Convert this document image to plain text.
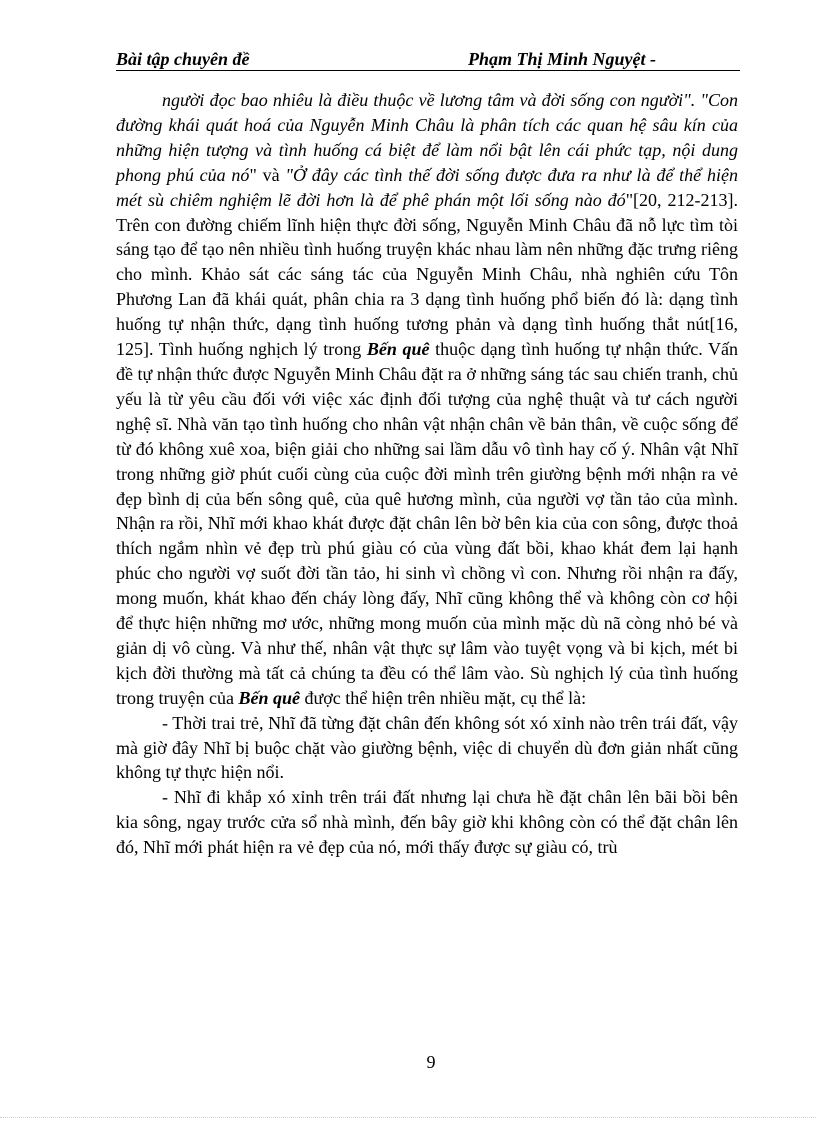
Bài tập chuyên đề	Phạm Thị Minh Nguyệt -

người đọc bao nhiêu là điều thuộc về lương tâm và đời sống con người". "Con đường khái quát hoá của Nguyễn Minh Châu là phân tích các quan hệ sâu kín của những hiện tượng và tình huống cá biệt để làm nổi bật lên cái phức tạp, nội dung phong phú của nó" và "Ở đây các tình thế đời sống được đưa ra như là để thể hiện mét sù chiêm nghiệm lẽ đời hơn là để phê phán một lối sống nào đó"[20, 212-213]. Trên con đường chiếm lĩnh hiện thực đời sống, Nguyễn Minh Châu đã nỗ lực tìm tòi sáng tạo để tạo nên nhiều tình huống truyện khác nhau làm nên những đặc trưng riêng cho mình. Khảo sát các sáng tác của Nguyễn Minh Châu, nhà nghiên cứu Tôn Phương Lan đã khái quát, phân chia ra 3 dạng tình huống phổ biến đó là: dạng tình huống tự nhận thức, dạng tình huống tương phản và dạng tình huống thắt nút[16, 125]. Tình huống nghịch lý trong Bến quê thuộc dạng tình huống tự nhận thức. Vấn đề tự nhận thức được Nguyễn Minh Châu đặt ra ở những sáng tác sau chiến tranh, chủ yếu là từ yêu cầu đối với việc xác định đối tượng của nghệ thuật và tư cách người nghệ sĩ. Nhà văn tạo tình huống cho nhân vật nhận chân về bản thân, về cuộc sống để từ đó không xuê xoa, biện giải cho những sai lầm dẫu vô tình hay cố ý. Nhân vật Nhĩ trong những giờ phút cuối cùng của cuộc đời mình trên giường bệnh mới nhận ra vẻ đẹp bình dị của bến sông quê, của quê hương mình, của người vợ tần tảo của mình. Nhận ra rồi, Nhĩ mới khao khát được đặt chân lên bờ bên kia của con sông, được thoả thích ngắm nhìn vẻ đẹp trù phú giàu có của vùng đất bồi, khao khát đem lại hạnh phúc cho người vợ suốt đời tần tảo, hi sinh vì chồng vì con. Nhưng rồi nhận ra đấy, mong muốn, khát khao đến cháy lòng đấy, Nhĩ cũng không thể và không còn cơ hội để thực hiện những mơ ước, những mong muốn của mình mặc dù nã còng nhỏ bé và giản dị vô cùng. Và như thế, nhân vật thực sự lâm vào tuyệt vọng và bi kịch, mét bi kịch đời thường mà tất cả chúng ta đều có thể lâm vào. Sù nghịch lý của tình huống trong truyện của Bến quê được thể hiện trên nhiều mặt, cụ thể là:

- Thời trai trẻ, Nhĩ đã từng đặt chân đến không sót xó xỉnh nào trên trái đất, vậy mà giờ đây Nhĩ bị buộc chặt vào giường bệnh, việc di chuyển dù đơn giản nhất cũng không tự thực hiện nổi.

- Nhĩ đi khắp xó xỉnh trên trái đất nhưng lại chưa hề đặt chân lên bãi bồi bên kia sông, ngay trước cửa sổ nhà mình, đến bây giờ khi không còn có thể đặt chân lên đó, Nhĩ mới phát hiện ra vẻ đẹp của nó, mới thấy được sự giàu có, trù

9
